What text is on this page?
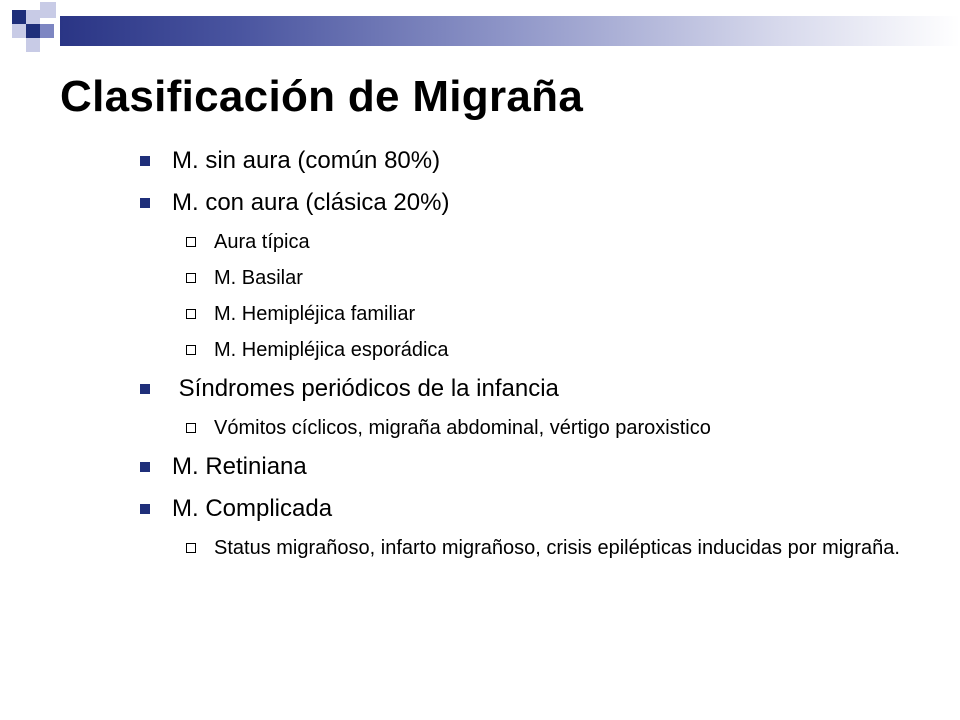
Clasificación de Migraña
M. sin aura (común 80%)
M. con aura (clásica 20%)
Aura típica
M. Basilar
M. Hemipléjica familiar
M. Hemipléjica esporádica
Síndromes periódicos de la infancia
Vómitos cíclicos, migraña abdominal, vértigo paroxistico
M. Retiniana
M. Complicada
Status migrañoso, infarto migrañoso, crisis epilépticas inducidas por migraña.
